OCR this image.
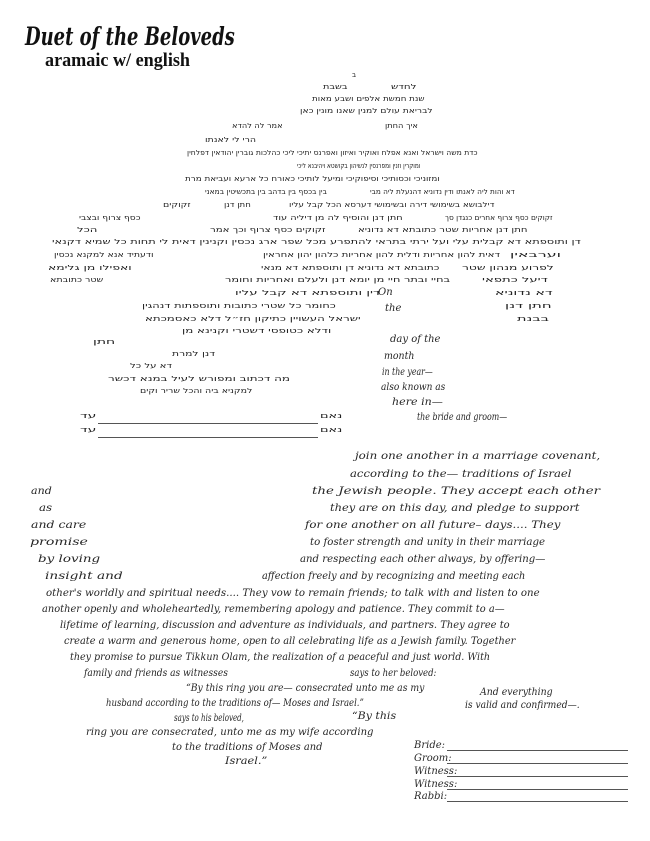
Duet of the Beloveds
aramaic w/ english
ב
בשבת	לחדש
שנת חמשת אלפים ושבע מאות
לבריאת עולם למנין שאנו מונין כאן
אמר לה להדא	איך החתן
הרי לי לאנתו
כדת משה וישראל ואנא אפלח ואוקיר ואיזון ואפרנס יתיכי ליכי כהלכות גוברין יהודאין דפלחין
ומוקרין וזנין ומפרנסין לנשיהון בקושטא ויהיבנא ליכי
ומזוניכי וכסותיכי וסיפוקיכי ומיעל לותיכי כאורח כל ארעא ועביאת מרת
בין בכסף בין בדהב בין בתכשיטין במאני	דא והות ליה לאנתו ודין נדוניא דהנעלת ליה מבי
זקוקים	חתן דנן	דילבושא בשימושי דירה ובשימושי דערסא הכל קבל עליו
כסף צרוף ובצבי	חתן דנן והוסיף לה מן דיליה עוד	זקוקים כסף צרוף אחרים כנגדן סך
הכל	זקוקים כסף צרוף וכך אמר	חתן דנן אחריות שטר כתובתא דא נדוניא
דן ותוספתא דא קבלית עלי ועל ירתי בתראי להתפרע מכל שפר ארג נכסין וקנינין דאית לי תחות כל שמיא דקנאי
ודעתיד אנא למקנא נכסין	דאית להון אחריות ודלית להון אחריות כלהון יהון אחראין וערבאין
ואפילו מן גלימא	כתובתא דא נדוניא דן ותוספתא דא מנאי	לפרוע מנהון שטר
שטר כתובתא	בחיי ובתר חיי מן יומא דנן ולעלם ואחריות וחומר	דיעל כתפאי
דין ותוספתא דא קבל עליו	דא נדוניא
כחומר כל שטרי כתובות ותוספתות דנהגין	חתן דנן
ישראל העשויין כתיקון חז״ל דלא כאסמכתא	בבנת
ודלא כטופסי דשטרי וקנינא מן
חתן
דנן למרת
דא על כל
מה דכתוב ומפורש לעיל במנא דכשר
למקניא ביה והכל שריר וקים
נאם
עד
נאם
עד
On
the
day of the
month
in the year—
also known as
here in—
the bride and groom—
join one another in a marriage covenant,
according to the— traditions of Israel
and	the Jewish people. They accept each other
as	they are on this day, and pledge to support
and care	for one another on all future– days.... They
promise	to foster strength and unity in their marriage
by loving	and respecting each other always, by offering—
insight and	affection freely and by recognizing and meeting each
other's worldly and spiritual needs.... They vow to remain friends; to talk with and listen to one
another openly and wholeheartedly, remembering apology and patience. They commit to a—
lifetime of learning, discussion and adventure as individuals, and partners. They agree to
create a warm and generous home, open to all celebrating life as a Jewish family. Together
they promise to pursue Tikkun Olam, the realization of a peaceful and just world. With
family and friends as witnesses	says to her beloved:
“By this ring you are— consecrated unto me as my
husband according to the traditions of— Moses and Israel.”
And everything
is valid and confirmed—.
says to his beloved,	“By this
ring you are consecrated, unto me as my wife according
to the traditions of Moses and
Israel.”
Bride:
Groom:
Witness:
Witness:
Rabbi:
